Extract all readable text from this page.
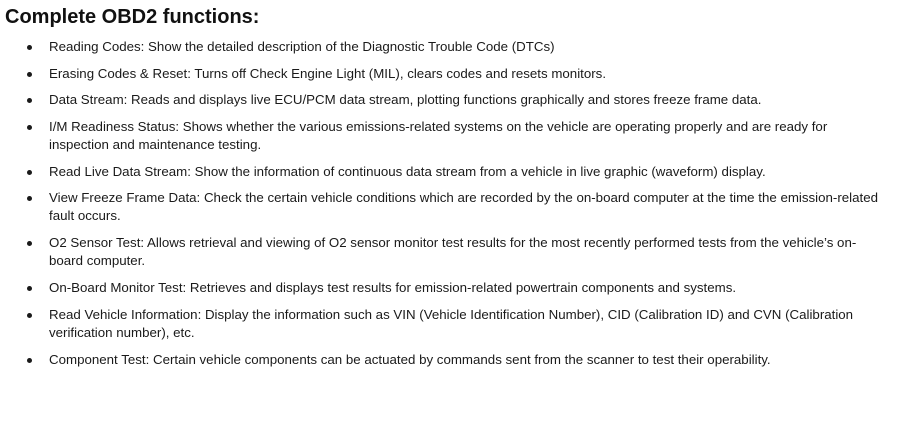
Complete OBD2 functions:
Reading Codes: Show the detailed description of the Diagnostic Trouble Code (DTCs)
Erasing Codes & Reset: Turns off Check Engine Light (MIL), clears codes and resets monitors.
Data Stream: Reads and displays live ECU/PCM data stream, plotting functions graphically and stores freeze frame data.
I/M Readiness Status: Shows whether the various emissions-related systems on the vehicle are operating properly and are ready for inspection and maintenance testing.
Read Live Data Stream: Show the information of continuous data stream from a vehicle in live graphic (waveform) display.
View Freeze Frame Data: Check the certain vehicle conditions which are recorded by the on-board computer at the time the emission-related fault occurs.
O2 Sensor Test: Allows retrieval and viewing of O2 sensor monitor test results for the most recently performed tests from the vehicle’s on-board computer.
On-Board Monitor Test: Retrieves and displays test results for emission-related powertrain components and systems.
Read Vehicle Information: Display the information such as VIN (Vehicle Identification Number), CID (Calibration ID) and CVN (Calibration verification number), etc.
Component Test: Certain vehicle components can be actuated by commands sent from the scanner to test their operability.
